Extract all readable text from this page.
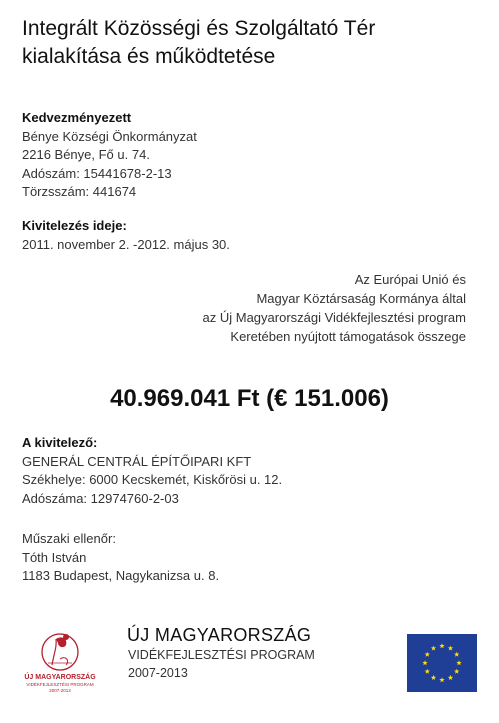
Integrált Közösségi és Szolgáltató Tér
kialakítása és működtetése
Kedvezményezett
Bénye Községi Önkormányzat
2216 Bénye, Fő u. 74.
Adószám: 15441678-2-13
Törzsszám: 441674
Kivitelezés ideje:
2011. november 2. -2012. május 30.
Az Európai Unió és
Magyar Köztársaság Kormánya által
az Új Magyarországi Vidékfejlesztési program
Keretében nyújtott támogatások összege
40.969.041 Ft (€ 151.006)
A kivitelező:
GENERÁL CENTRÁL ÉPÍTŐIPARI KFT
Székhelye: 6000 Kecskemét, Kiskőrösi u. 12.
Adószáma: 12974760-2-03
Műszaki ellenőr:
Tóth István
1183 Budapest, Nagykanizsa u. 8.
ÚJ MAGYARORSZÁG
VIDÉKFEJLESZTÉSI PROGRAM
2007-2013
ÚJ MAGYARORSZÁG
VIDÉKFEJLESZTÉSI PROGRAM
2007-2013
